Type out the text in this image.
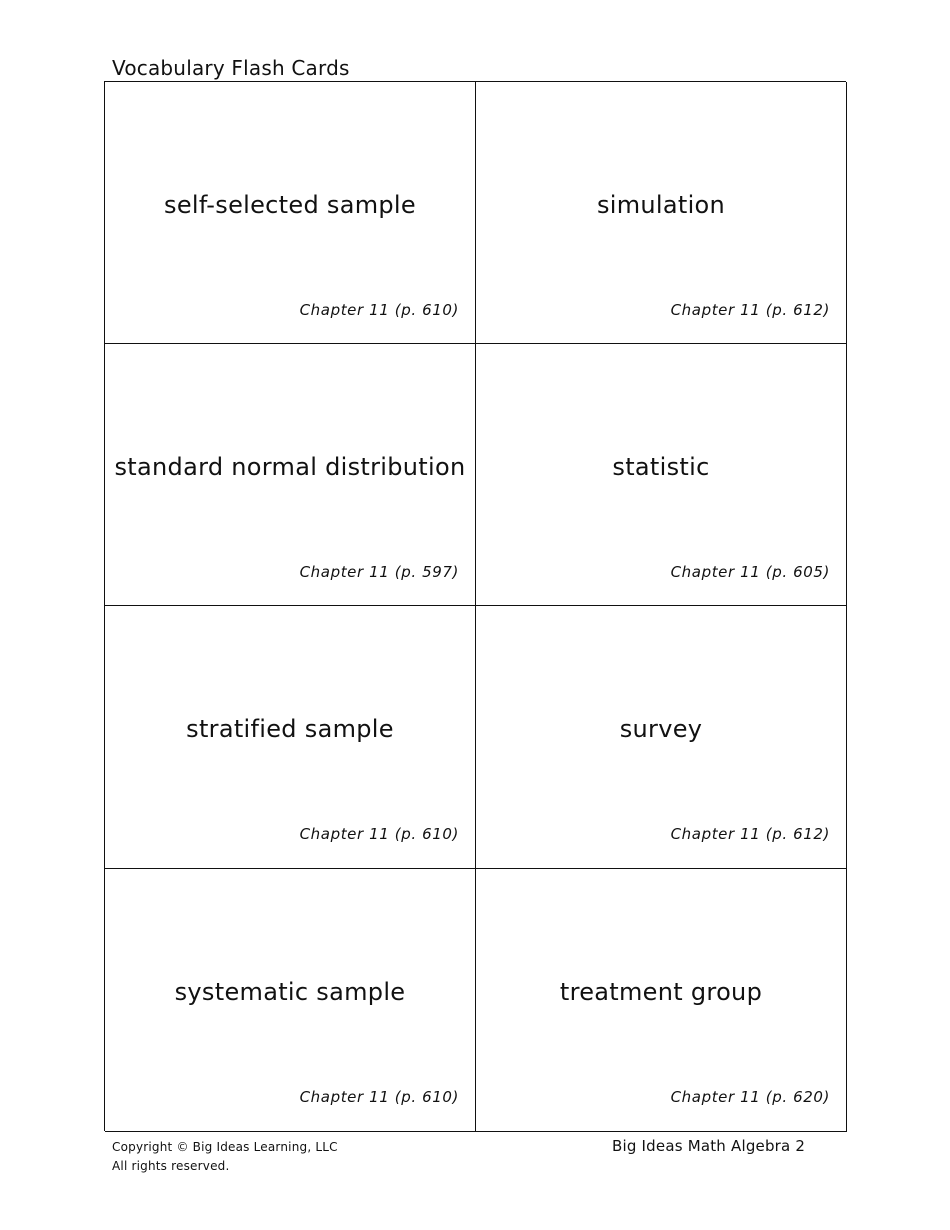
Vocabulary Flash Cards
self-selected sample
Chapter 11 (p. 610)
simulation
Chapter 11 (p. 612)
standard normal distribution
Chapter 11 (p. 597)
statistic
Chapter 11 (p. 605)
stratified sample
Chapter 11 (p. 610)
survey
Chapter 11 (p. 612)
systematic sample
Chapter 11 (p. 610)
treatment group
Chapter 11 (p. 620)
Copyright © Big Ideas Learning, LLC
All rights reserved.
Big Ideas Math Algebra 2
